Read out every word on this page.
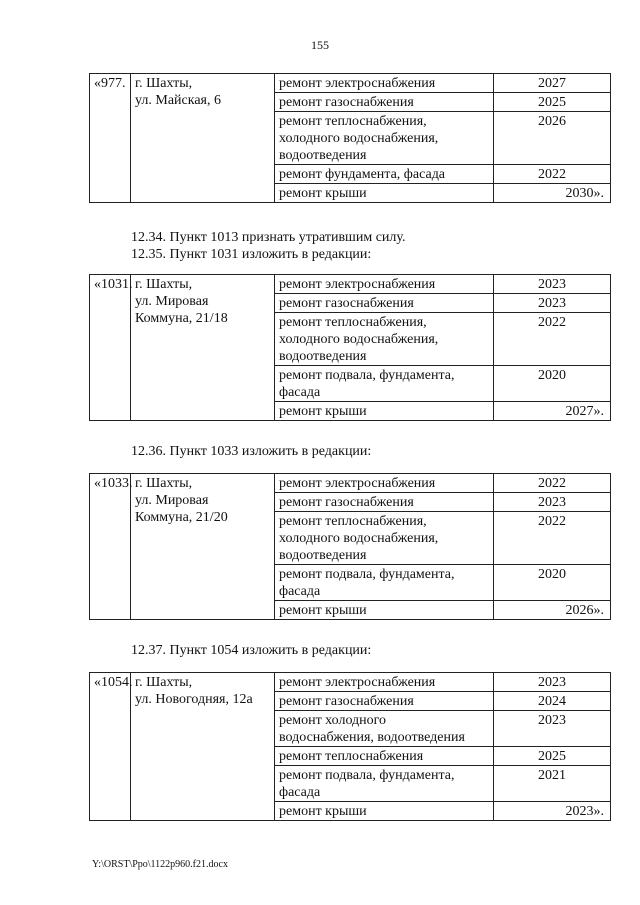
155
«977.	г. Шахты,
ул. Майская, 6	ремонт электроснабжения	2027

		ремонт газоснабжения	2025

		ремонт теплоснабжения,
холодного водоснабжения,
водоотведения	2026

		ремонт фундамента, фасада	2022

		ремонт крыши	2030».
12.34. Пункт 1013 признать утратившим силу.
12.35. Пункт 1031 изложить в редакции:
«1031.	г. Шахты,
ул. Мировая
Коммуна, 21/18	ремонт электроснабжения	2023

		ремонт газоснабжения	2023

		ремонт теплоснабжения,
холодного водоснабжения,
водоотведения	2022

		ремонт подвала, фундамента,
фасада	2020

		ремонт крыши	2027».
12.36. Пункт 1033 изложить в редакции:
«1033.	г. Шахты,
ул. Мировая
Коммуна, 21/20	ремонт электроснабжения	2022

		ремонт газоснабжения	2023

		ремонт теплоснабжения,
холодного водоснабжения,
водоотведения	2022

		ремонт подвала, фундамента,
фасада	2020

		ремонт крыши	2026».
12.37. Пункт 1054 изложить в редакции:
«1054.	г. Шахты,
ул. Новогодняя, 12а	ремонт электроснабжения	2023

		ремонт газоснабжения	2024

		ремонт холодного
водоснабжения, водоотведения	2023

		ремонт теплоснабжения	2025

		ремонт подвала, фундамента,
фасада	2021

		ремонт крыши	2023».
Y:\ORST\Ppo\1122p960.f21.docx
